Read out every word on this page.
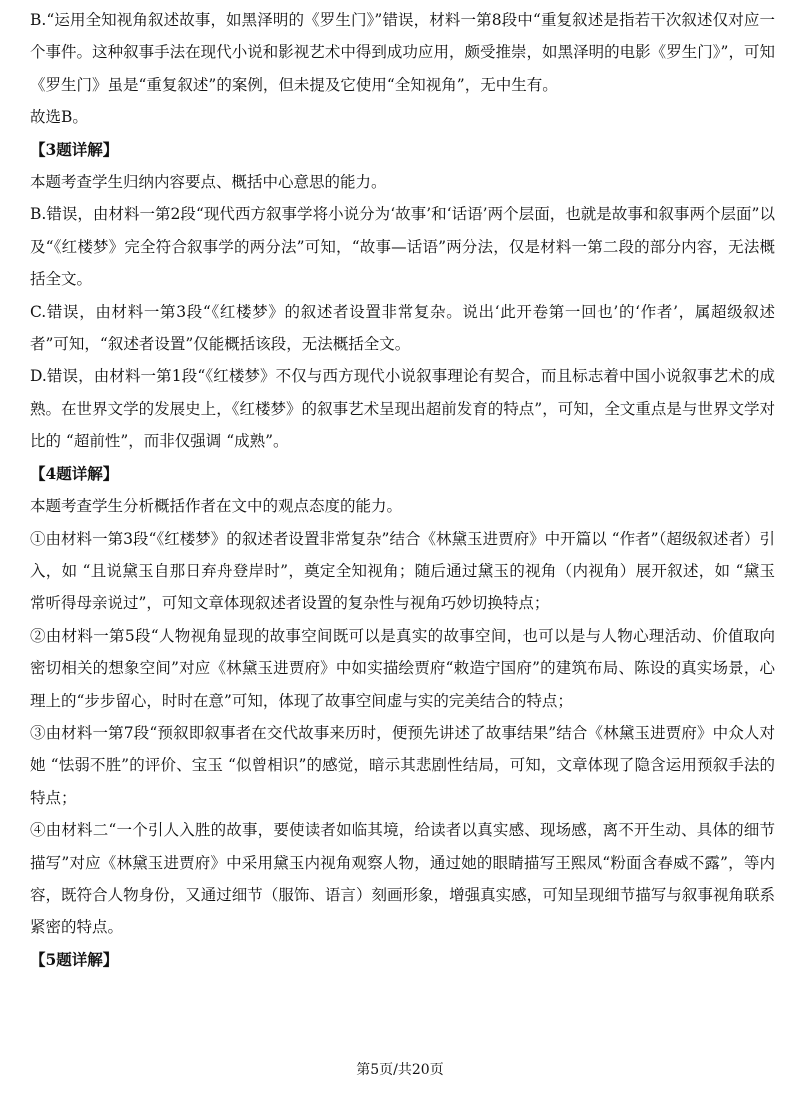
B.“运用全知视角叙述故事，如黑泽明的《罗生门》”错误，材料一第8段中“重复叙述是指若干次叙述仅对应一个事件。这种叙事手法在现代小说和影视艺术中得到成功应用，颇受推崇，如黑泽明的电影《罗生门》”，可知《罗生门》虽是“重复叙述”的案例，但未提及它使用“全知视角”，无中生有。

故选B。

【3题详解】

本题考查学生归纳内容要点、概括中心意思的能力。

B.错误，由材料一第2段“现代西方叙事学将小说分为‘故事’和‘话语’两个层面，也就是故事和叙事两个层面”以及“《红楼梦》完全符合叙事学的两分法”可知，“故事—话语”两分法，仅是材料一第二段的部分内容，无法概括全文。

C.错误，由材料一第3段“《红楼梦》的叙述者设置非常复杂。说出‘此开卷第一回也’的‘作者’，属超级叙述者”可知，“叙述者设置”仅能概括该段，无法概括全文。

D.错误，由材料一第1段“《红楼梦》不仅与西方现代小说叙事理论有契合，而且标志着中国小说叙事艺术的成熟。在世界文学的发展史上，《红楼梦》的叙事艺术呈现出超前发育的特点”，可知，全文重点是与世界文学对比的 “超前性”，而非仅强调 “成熟”。

【4题详解】

本题考查学生分析概括作者在文中的观点态度的能力。

①由材料一第3段“《红楼梦》的叙述者设置非常复杂”结合《林黛玉进贾府》中开篇以 “作者”（超级叙述者）引入，如 “且说黛玉自那日弃舟登岸时”，奠定全知视角；随后通过黛玉的视角（内视角）展开叙述，如 “黛玉常听得母亲说过”，可知文章体现叙述者设置的复杂性与视角巧妙切换特点；

②由材料一第5段“人物视角显现的故事空间既可以是真实的故事空间，也可以是与人物心理活动、价值取向密切相关的想象空间”对应《林黛玉进贾府》中如实描绘贾府“敕造宁国府”的建筑布局、陈设的真实场景，心理上的“步步留心，时时在意”可知，体现了故事空间虚与实的完美结合的特点；

③由材料一第7段“预叙即叙事者在交代故事来历时，便预先讲述了故事结果”结合《林黛玉进贾府》中众人对她 “怯弱不胜”的评价、宝玉 “似曾相识”的感觉，暗示其悲剧性结局，可知，文章体现了隐含运用预叙手法的特点；

④由材料二“一个引人入胜的故事，要使读者如临其境，给读者以真实感、现场感，离不开生动、具体的细节描写”对应《林黛玉进贾府》中采用黛玉内视角观察人物，通过她的眼睛描写王熙凤“粉面含春威不露”，等内容，既符合人物身份，又通过细节（服饰、语言）刻画形象，增强真实感，可知呈现细节描写与叙事视角联系紧密的特点。

【5题详解】

第5页/共20页
